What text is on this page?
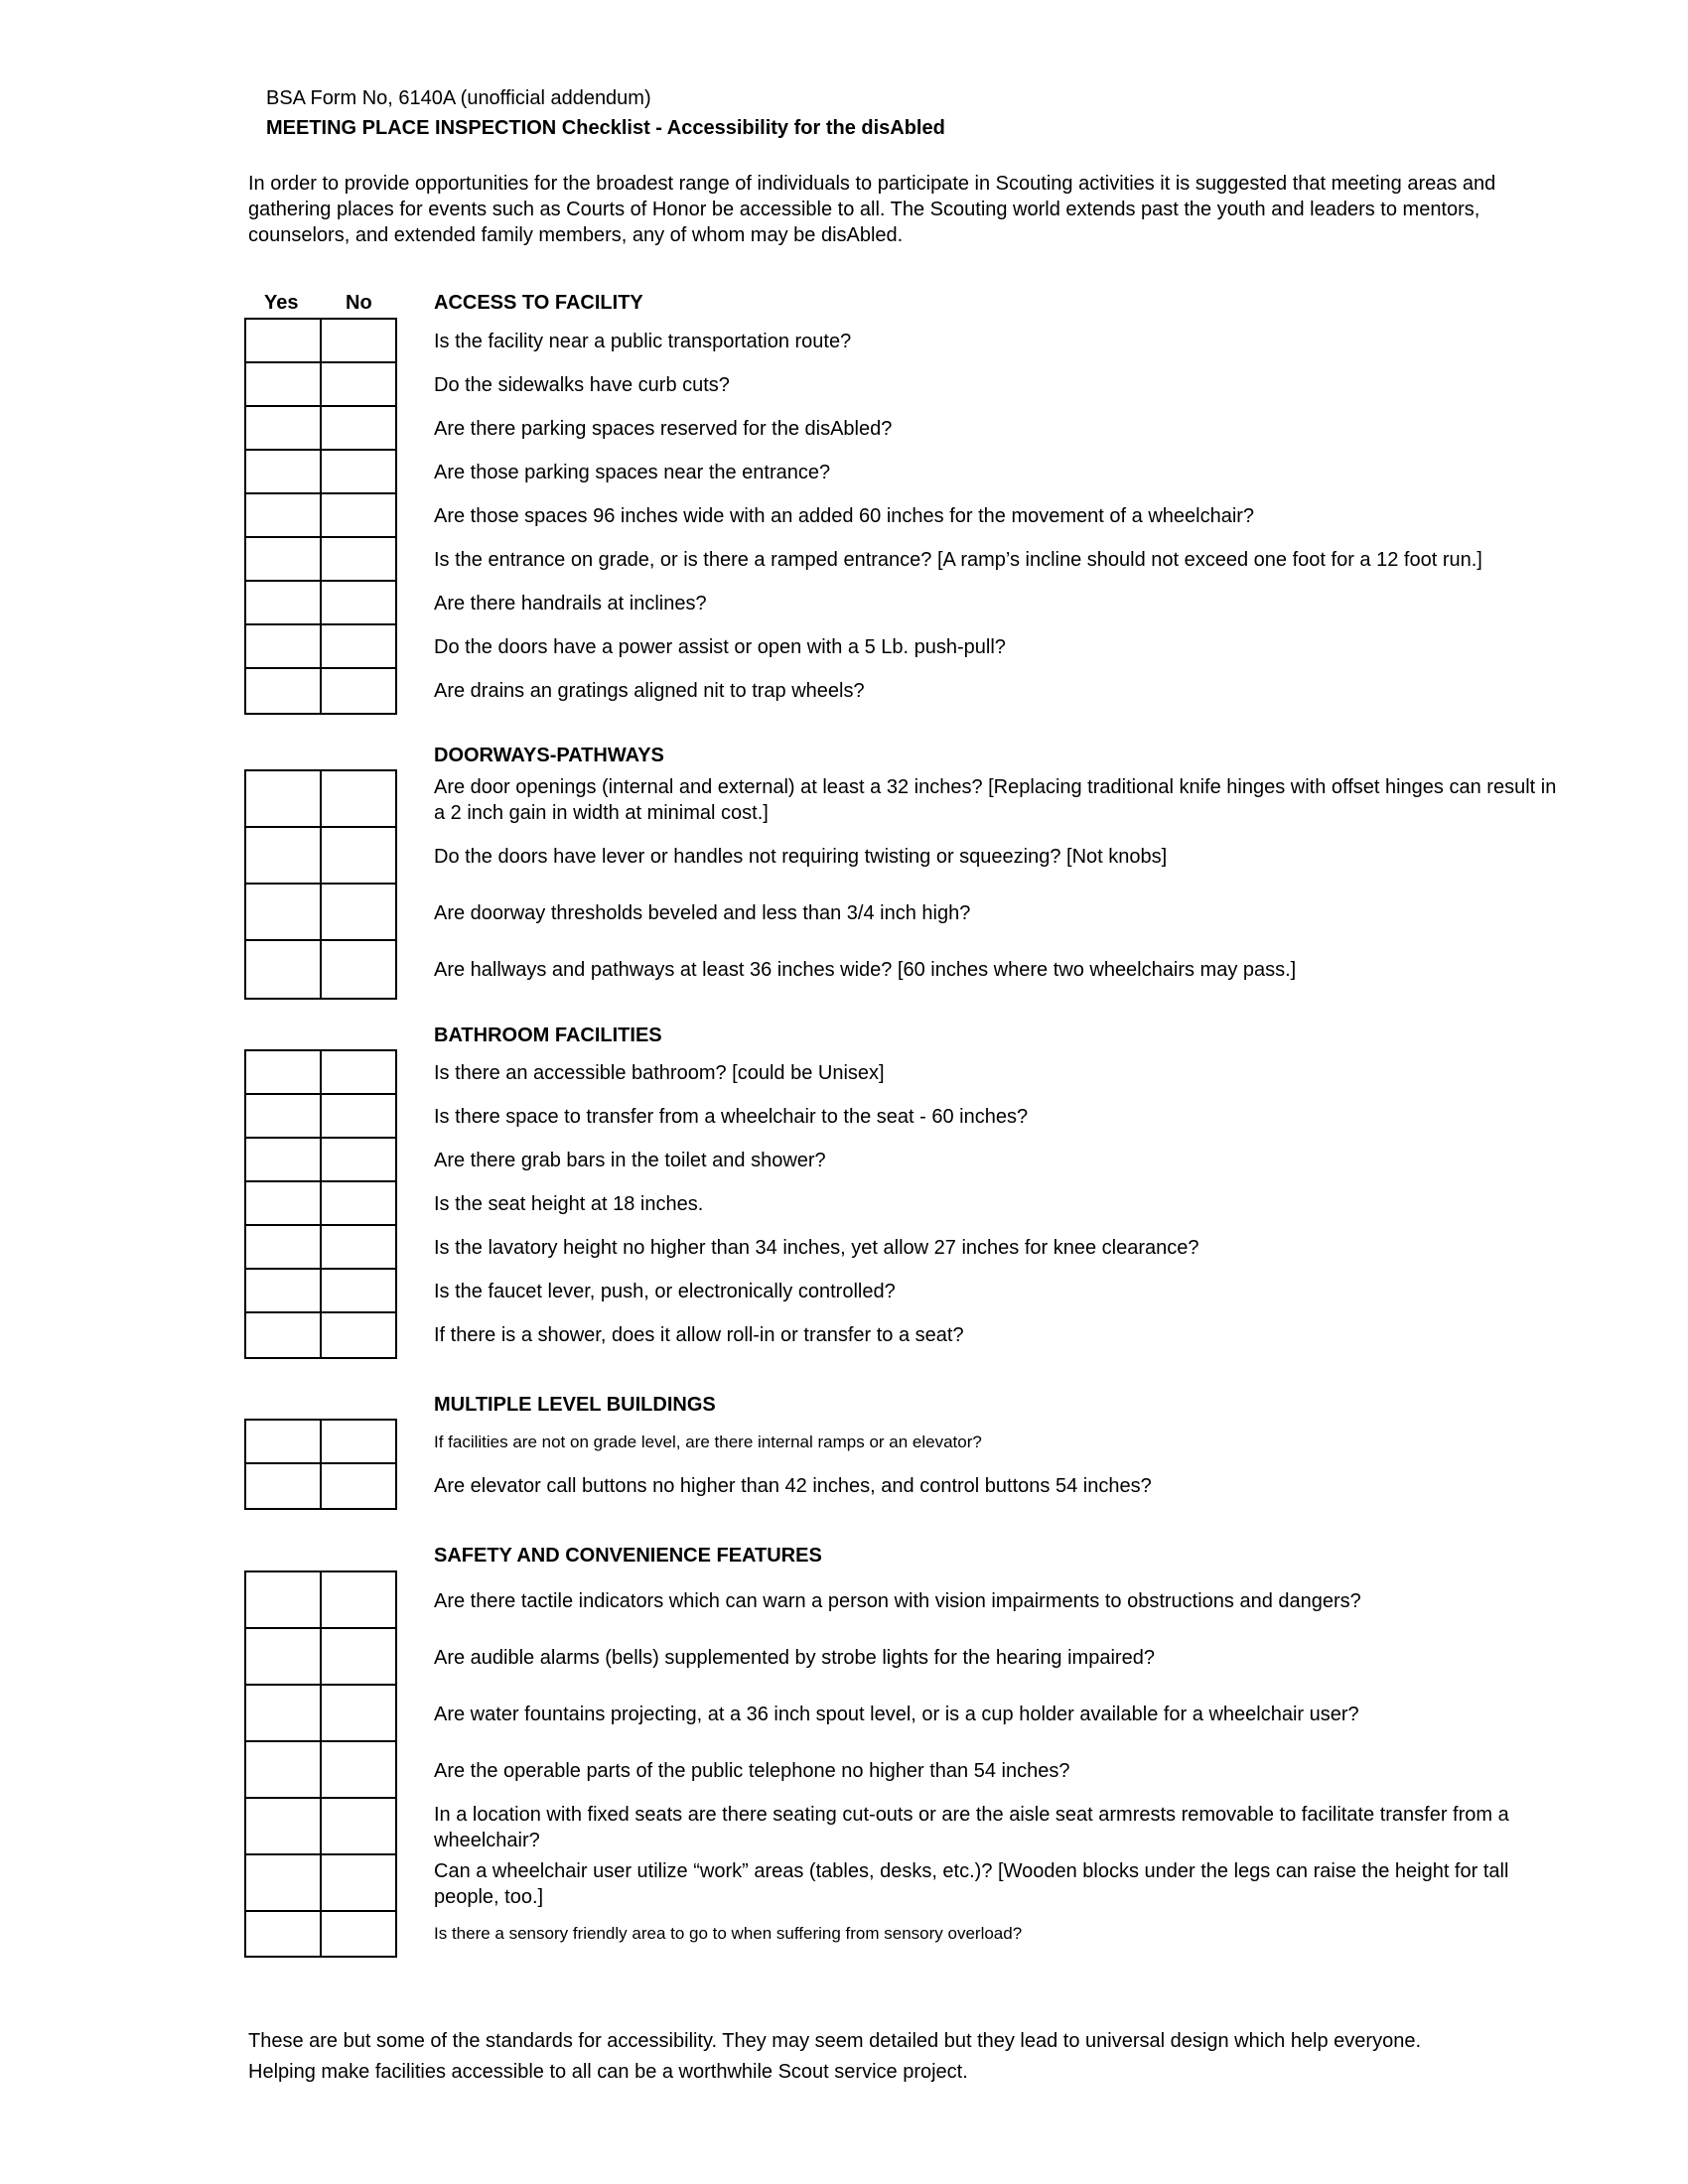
BSA Form No, 6140A (unofficial addendum)
MEETING PLACE INSPECTION Checklist - Accessibility for the disAbled
In order to provide opportunities for the broadest range of individuals to participate in Scouting activities it is suggested that meeting areas and gathering places for events such as Courts of Honor be accessible to all. The Scouting world extends past the youth and leaders to mentors, counselors, and extended family members, any of whom may be disAbled.
Yes No	ACCESS TO FACILITY
Is the facility near a public transportation route?
Do the sidewalks have curb cuts?
Are there parking spaces reserved for the disAbled?
Are those parking spaces near the entrance?
Are those spaces 96 inches wide with an added 60 inches for the movement of a wheelchair?
Is the entrance on grade, or is there a ramped entrance? [A ramp’s incline should not exceed one foot for a 12 foot run.]
Are there handrails at inclines?
Do the doors have a power assist or open with a 5 Lb. push-pull?
Are drains an gratings aligned nit to trap wheels?
DOORWAYS-PATHWAYS
Are door openings (internal and external) at least a 32 inches? [Replacing traditional knife hinges with offset hinges can result in a 2 inch gain in width at minimal cost.]
Do the doors have lever or handles not requiring twisting or squeezing? [Not knobs]
Are doorway thresholds beveled and less than 3/4 inch high?
Are hallways and pathways at least 36 inches wide? [60 inches where two wheelchairs may pass.]
BATHROOM FACILITIES
Is there an accessible bathroom? [could be Unisex]
Is there space to transfer from a wheelchair to the seat - 60 inches?
Are there grab bars in the toilet and shower?
Is the seat height at 18 inches.
Is the lavatory height no higher than 34 inches, yet allow 27 inches for knee clearance?
Is the faucet lever, push, or electronically controlled?
If there is a shower, does it allow roll-in or transfer to a seat?
MULTIPLE LEVEL BUILDINGS
If facilities are not on grade level, are there internal ramps or an elevator?
Are elevator call buttons no higher than 42 inches, and control buttons 54 inches?
SAFETY AND CONVENIENCE FEATURES
Are there tactile indicators which can warn a person with vision impairments to obstructions and dangers?
Are audible alarms (bells) supplemented by strobe lights for the hearing impaired?
Are water fountains projecting, at a 36 inch spout level, or is a cup holder available for a wheelchair user?
Are the operable parts of the public telephone no higher than 54 inches?
In a location with fixed seats are there seating cut-outs or are the aisle seat armrests removable to facilitate transfer from a wheelchair?
Can a wheelchair user utilize “work” areas (tables, desks, etc.)? [Wooden blocks under the legs can raise the height for tall people, too.]
Is there a sensory friendly area to go to when suffering from sensory overload?
These are but some of the standards for accessibility. They may seem detailed but they lead to universal design which help everyone.
Helping make facilities accessible to all can be a worthwhile Scout service project.
